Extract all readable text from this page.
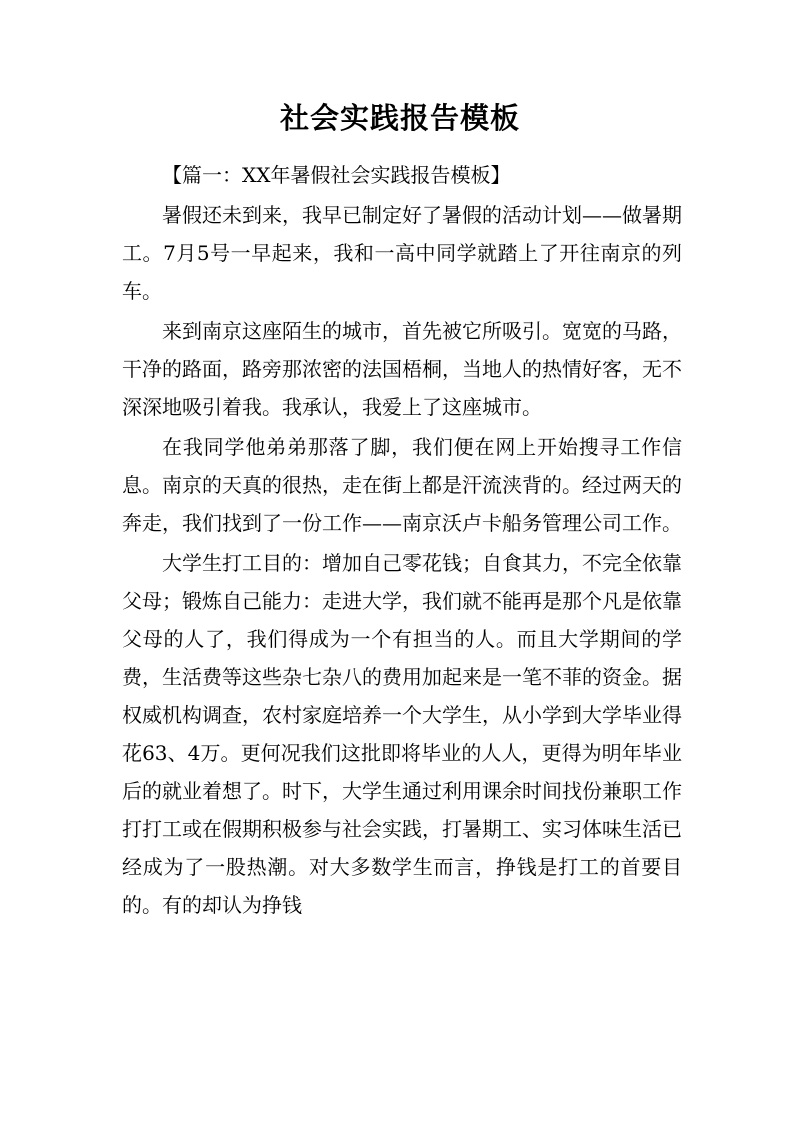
社会实践报告模板

【篇一：XX年暑假社会实践报告模板】

暑假还未到来，我早已制定好了暑假的活动计划——做暑期工。7月5号一早起来，我和一高中同学就踏上了开往南京的列车。

来到南京这座陌生的城市，首先被它所吸引。宽宽的马路，干净的路面，路旁那浓密的法国梧桐，当地人的热情好客，无不深深地吸引着我。我承认，我爱上了这座城市。

在我同学他弟弟那落了脚，我们便在网上开始搜寻工作信息。南京的天真的很热，走在街上都是汗流浃背的。经过两天的奔走，我们找到了一份工作——南京沃卢卡船务管理公司工作。

大学生打工目的：增加自己零花钱；自食其力，不完全依靠父母；锻炼自己能力：走进大学，我们就不能再是那个凡是依靠父母的人了，我们得成为一个有担当的人。而且大学期间的学费，生活费等这些杂七杂八的费用加起来是一笔不菲的资金。据权威机构调查，农村家庭培养一个大学生，从小学到大学毕业得花63、4万。更何况我们这批即将毕业的人人，更得为明年毕业后的就业着想了。时下，大学生通过利用课余时间找份兼职工作打打工或在假期积极参与社会实践，打暑期工、实习体味生活已经成为了一股热潮。对大多数学生而言，挣钱是打工的首要目的。有的却认为挣钱
